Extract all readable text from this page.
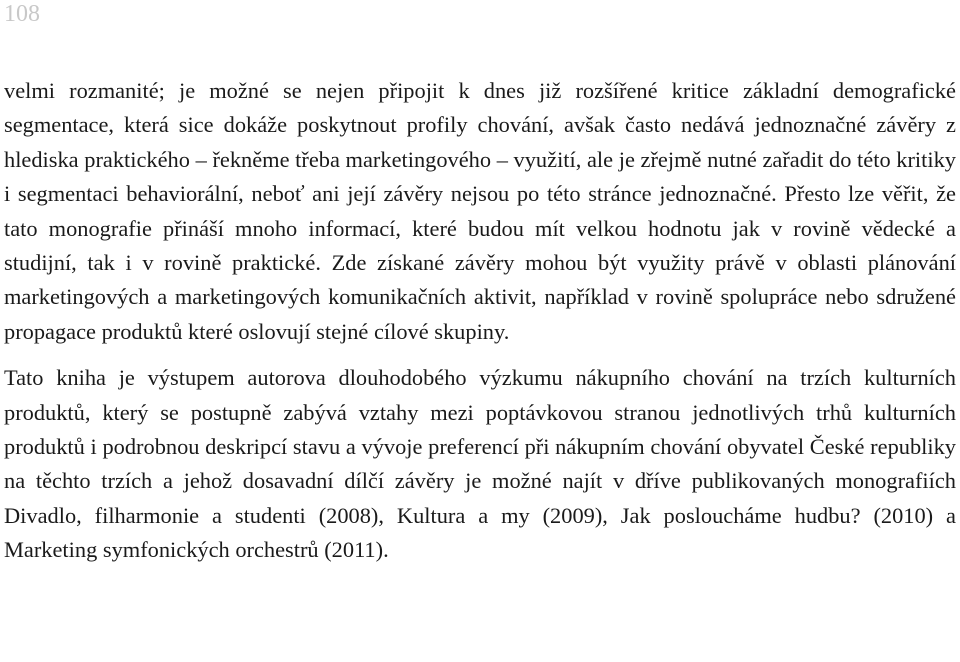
108

velmi rozmanité; je možné se nejen připojit k dnes již rozšířené kritice základní demografické segmentace, která sice dokáže poskytnout profily chování, avšak často nedává jednoznačné závěry z hlediska praktického – řekněme třeba marketingového – využití, ale je zřejmě nutné zařadit do této kritiky i segmentaci behaviorální, neboť ani její závěry nejsou po této stránce jednoznačné. Přesto lze věřit, že tato monografie přináší mnoho informací, které budou mít velkou hodnotu jak v rovině vědecké a studijní, tak i v rovině praktické. Zde získané závěry mohou být využity právě v oblasti plánování marketingových a marketingových komunikačních aktivit, například v rovině spolupráce nebo sdružené propagace produktů které oslovují stejné cílové skupiny.

Tato kniha je výstupem autorova dlouhodobého výzkumu nákupního chování na trzích kulturních produktů, který se postupně zabývá vztahy mezi poptávkovou stranou jednotlivých trhů kulturních produktů i podrobnou deskripcí stavu a vývoje preferencí při nákupním chování obyvatel České republiky na těchto trzích a jehož dosavadní dílčí závěry je možné najít v dříve publikovaných monografiích Divadlo, filharmonie a studenti (2008), Kultura a my (2009), Jak posloucháme hudbu? (2010) a Marketing symfonických orchestrů (2011).
